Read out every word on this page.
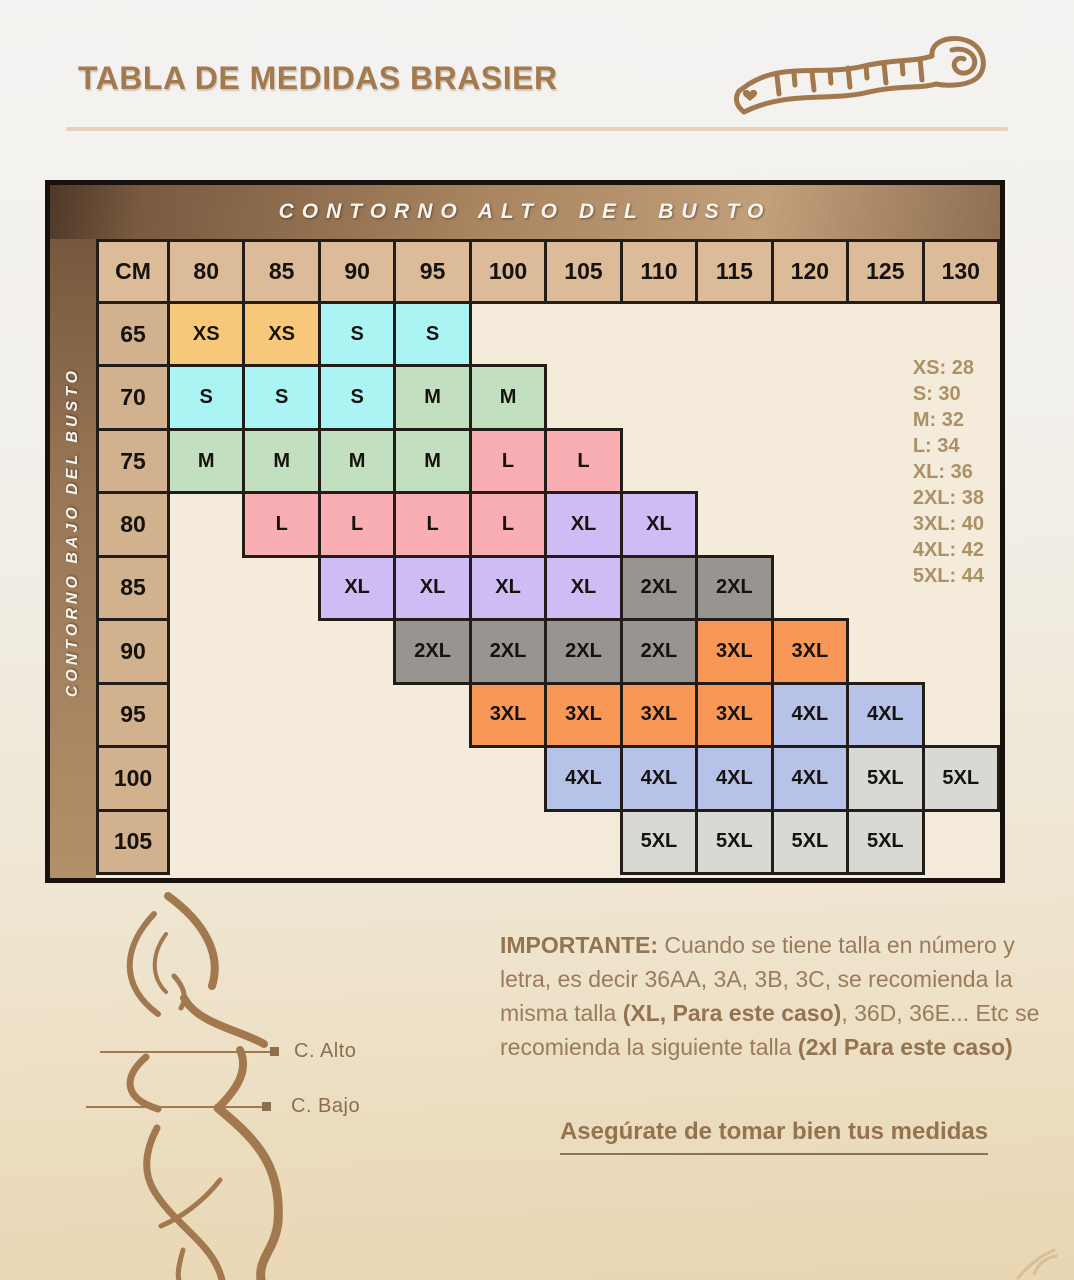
TABLA DE MEDIDAS BRASIER
CONTORNO BAJO DEL BUSTO
CONTORNO ALTO DEL BUSTO
CM	80	85	90	95	100	105	110	115	120	125	130
65	XS	XS	S	S							
70	S	S	S	M	M						
75	M	M	M	M	L	L					
80		L	L	L	L	XL	XL				
85			XL	XL	XL	XL	2XL	2XL			
90				2XL	2XL	2XL	2XL	3XL	3XL		
95					3XL	3XL	3XL	3XL	4XL	4XL	
100						4XL	4XL	4XL	4XL	5XL	5XL
105							5XL	5XL	5XL	5XL	
XS: 28
S: 30
M: 32
L: 34
XL: 36
2XL: 38
3XL: 40
4XL: 42
5XL: 44
C. Alto
C. Bajo
IMPORTANTE: Cuando se tiene talla en número y letra, es decir 36AA, 3A, 3B, 3C, se recomienda la misma talla (XL, Para este caso), 36D, 36E... Etc se recomienda la siguiente talla (2xl Para este caso)
Asegúrate de tomar bien tus medidas
